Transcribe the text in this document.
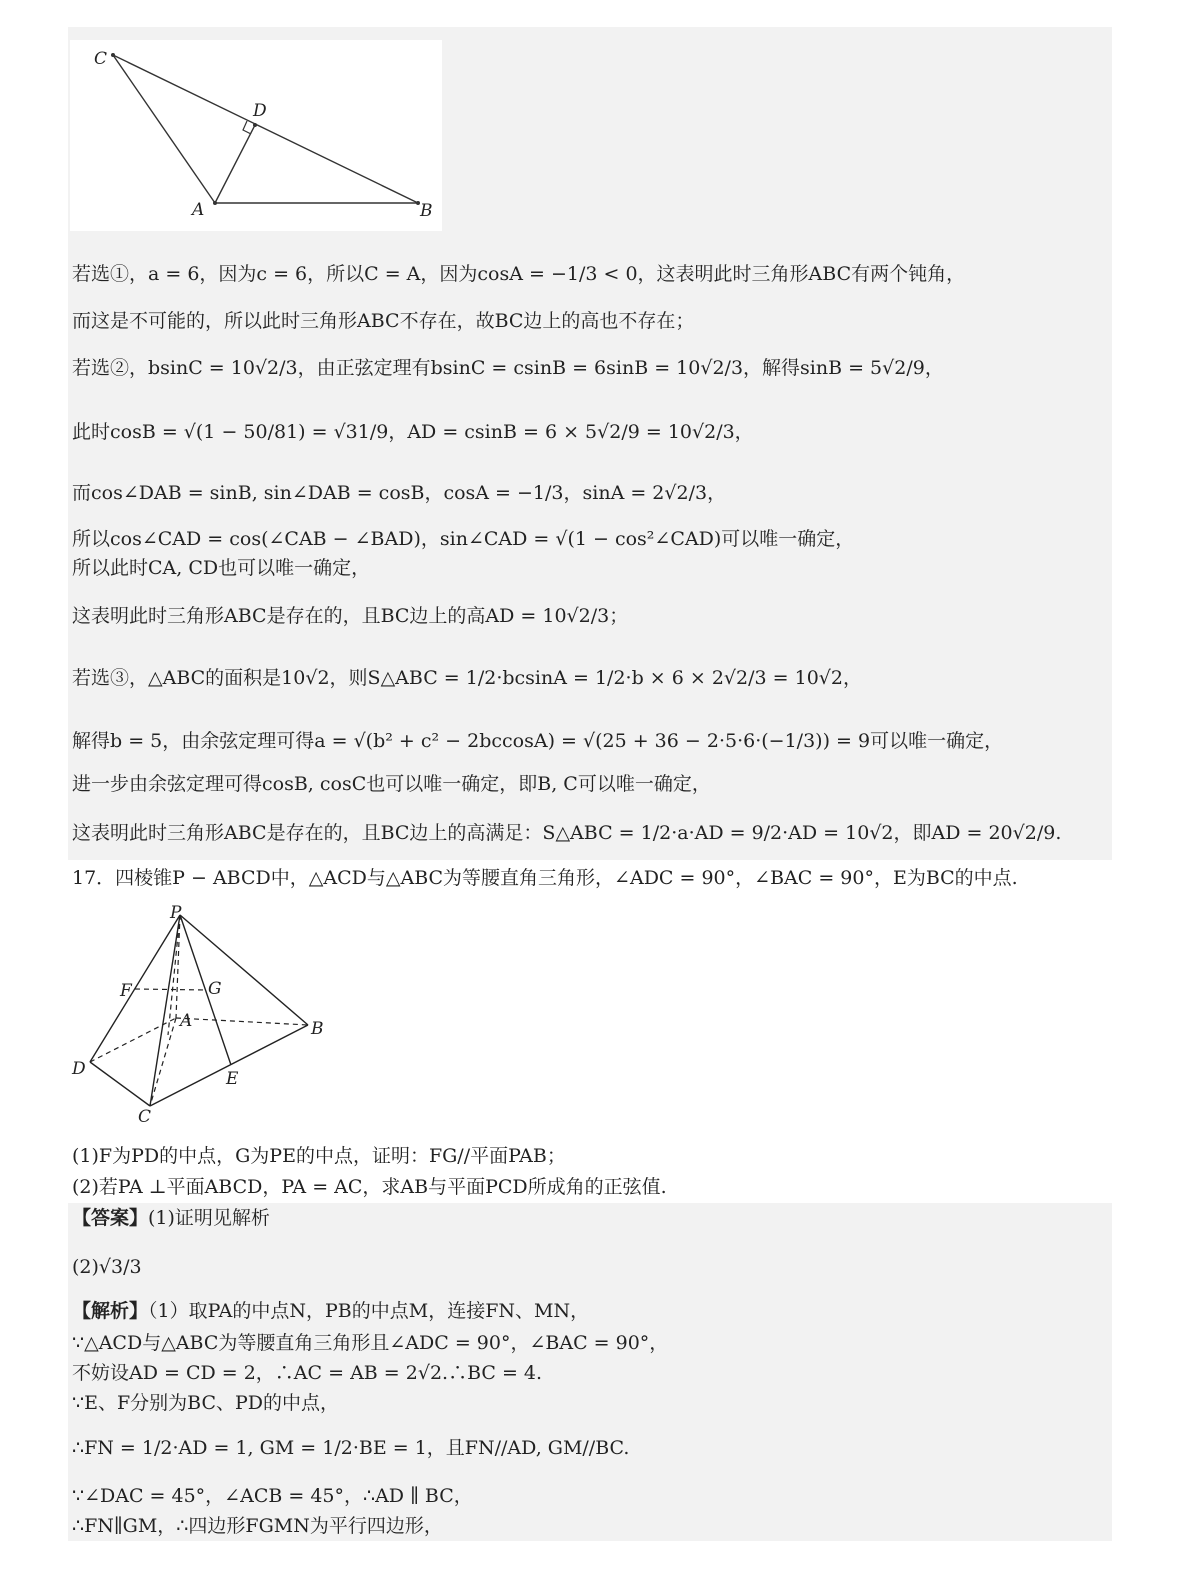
C
D
A	B
若选①，a = 6，因为c = 6，所以C = A，因为cosA = −1/3 < 0，这表明此时三角形ABC有两个钝角，
而这是不可能的，所以此时三角形ABC不存在，故BC边上的高也不存在；
若选②，bsinC = 10√2/3，由正弦定理有bsinC = csinB = 6sinB = 10√2/3，解得sinB = 5√2/9，
此时cosB = √(1 − 50/81) = √31/9，AD = csinB = 6 × 5√2/9 = 10√2/3，
而cos∠DAB = sinB, sin∠DAB = cosB，cosA = −1/3，sinA = 2√2/3，
所以cos∠CAD = cos(∠CAB − ∠BAD)，sin∠CAD = √(1 − cos²∠CAD)可以唯一确定，
所以此时CA, CD也可以唯一确定，
这表明此时三角形ABC是存在的，且BC边上的高AD = 10√2/3；
若选③，△ABC的面积是10√2，则S△ABC = 1/2·bcsinA = 1/2·b × 6 × 2√2/3 = 10√2，
解得b = 5，由余弦定理可得a = √(b² + c² − 2bccosA) = √(25 + 36 − 2·5·6·(−1/3)) = 9可以唯一确定，
进一步由余弦定理可得cosB, cosC也可以唯一确定，即B, C可以唯一确定，
这表明此时三角形ABC是存在的，且BC边上的高满足：S△ABC = 1/2·a·AD = 9/2·AD = 10√2，即AD = 20√2/9.
17．四棱锥P − ABCD中，△ACD与△ABC为等腰直角三角形，∠ADC = 90°，∠BAC = 90°，E为BC的中点.
P
F	G
A	B
D	E
C
(1)F为PD的中点，G为PE的中点，证明：FG//平面PAB；
(2)若PA ⊥平面ABCD，PA = AC，求AB与平面PCD所成角的正弦值.
【答案】(1)证明见解析
(2)√3/3
【解析】（1）取PA的中点N，PB的中点M，连接FN、MN，
∵△ACD与△ABC为等腰直角三角形且∠ADC = 90°，∠BAC = 90°，
不妨设AD = CD = 2，∴AC = AB = 2√2.∴BC = 4.
∵E、F分别为BC、PD的中点，
∴FN = 1/2·AD = 1, GM = 1/2·BE = 1，且FN//AD, GM//BC.
∵∠DAC = 45°，∠ACB = 45°，∴AD ∥ BC，
∴FN∥GM，∴四边形FGMN为平行四边形，
